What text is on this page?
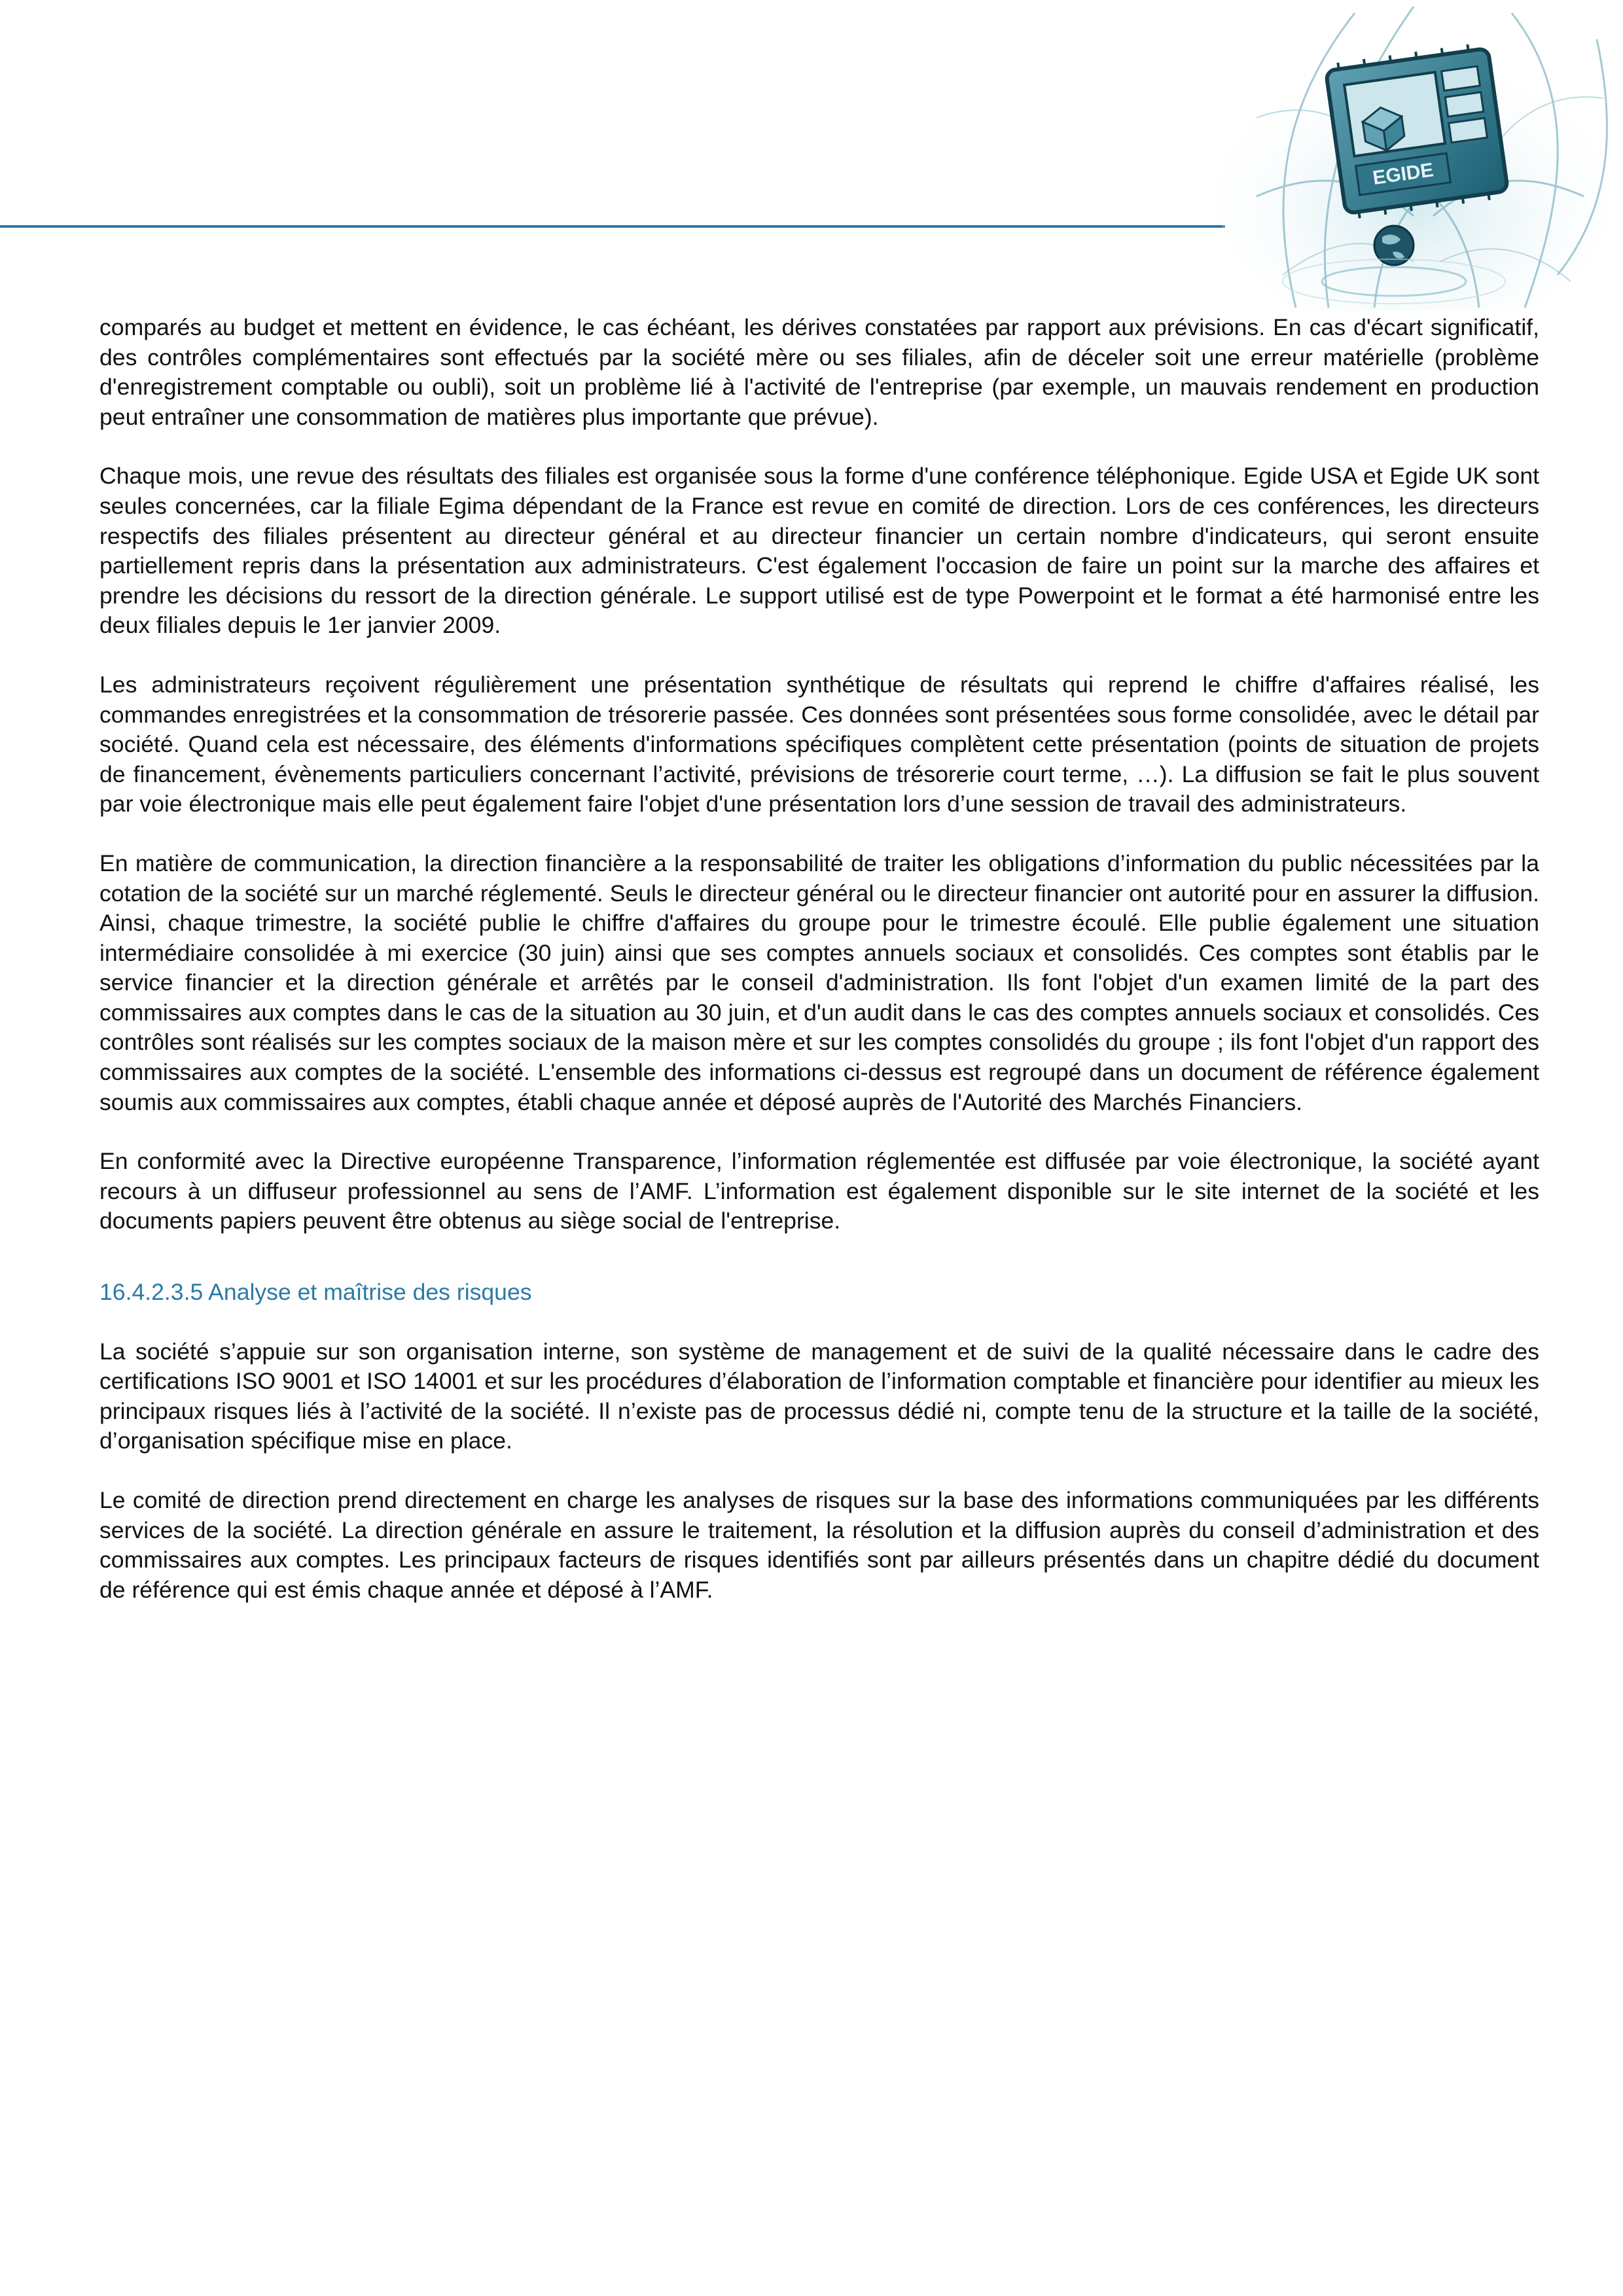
EGIDE

comparés au budget et mettent en évidence, le cas échéant, les dérives constatées par rapport aux prévisions. En cas d'écart significatif, des contrôles complémentaires sont effectués par la société mère ou ses filiales, afin de déceler soit une erreur matérielle (problème d'enregistrement comptable ou oubli), soit un problème lié à l'activité de l'entreprise (par exemple, un mauvais rendement en production peut entraîner une consommation de matières plus importante que prévue).

Chaque mois, une revue des résultats des filiales est organisée sous la forme d'une conférence téléphonique. Egide USA et Egide UK sont seules concernées, car la filiale Egima dépendant de la France est revue en comité de direction. Lors de ces conférences, les directeurs respectifs des filiales présentent au directeur général et au directeur financier un certain nombre d'indicateurs, qui seront ensuite partiellement repris dans la présentation aux administrateurs. C'est également l'occasion de faire un point sur la marche des affaires et prendre les décisions du ressort de la direction générale. Le support utilisé est de type Powerpoint et le format a été harmonisé entre les deux filiales depuis le 1er janvier 2009.

Les administrateurs reçoivent régulièrement une présentation synthétique de résultats qui reprend le chiffre d'affaires réalisé, les commandes enregistrées et la consommation de trésorerie passée. Ces données sont présentées sous forme consolidée, avec le détail par société. Quand cela est nécessaire, des éléments d'informations spécifiques complètent cette présentation (points de situation de projets de financement, évènements particuliers concernant l’activité, prévisions de trésorerie court terme, …). La diffusion se fait le plus souvent par voie électronique mais elle peut également faire l'objet d'une présentation lors d’une session de travail des administrateurs.

En matière de communication, la direction financière a la responsabilité de traiter les obligations d’information du public nécessitées par la cotation de la société sur un marché réglementé. Seuls le directeur général ou le directeur financier ont autorité pour en assurer la diffusion. Ainsi, chaque trimestre, la société publie le chiffre d'affaires du groupe pour le trimestre écoulé. Elle publie également une situation intermédiaire consolidée à mi exercice (30 juin) ainsi que ses comptes annuels sociaux et consolidés. Ces comptes sont établis par le service financier et la direction générale et arrêtés par le conseil d'administration. Ils font l'objet d'un examen limité de la part des commissaires aux comptes dans le cas de la situation au 30 juin, et d'un audit dans le cas des comptes annuels sociaux et consolidés. Ces contrôles sont réalisés sur les comptes sociaux de la maison mère et sur les comptes consolidés du groupe ; ils font l'objet d'un rapport des commissaires aux comptes de la société. L'ensemble des informations ci-dessus est regroupé dans un document de référence également soumis aux commissaires aux comptes, établi chaque année et déposé auprès de l'Autorité des Marchés Financiers.

En conformité avec la Directive européenne Transparence, l’information réglementée est diffusée par voie électronique, la société ayant recours à un diffuseur professionnel au sens de l’AMF. L’information est également disponible sur le site internet de la société et les documents papiers peuvent être obtenus au siège social de l'entreprise.

16.4.2.3.5 Analyse et maîtrise des risques

La société s’appuie sur son organisation interne, son système de management et de suivi de la qualité nécessaire dans le cadre des certifications ISO 9001 et ISO 14001 et sur les procédures d’élaboration de l’information comptable et financière pour identifier au mieux les principaux risques liés à l’activité de la société. Il n’existe pas de processus dédié ni, compte tenu de la structure et la taille de la société, d’organisation spécifique mise en place.

Le comité de direction prend directement en charge les analyses de risques sur la base des informations communiquées par les différents services de la société. La direction générale en assure le traitement, la résolution et la diffusion auprès du conseil d’administration et des commissaires aux comptes. Les principaux facteurs de risques identifiés sont par ailleurs présentés dans un chapitre dédié du document de référence qui est émis chaque année et déposé à l’AMF.
